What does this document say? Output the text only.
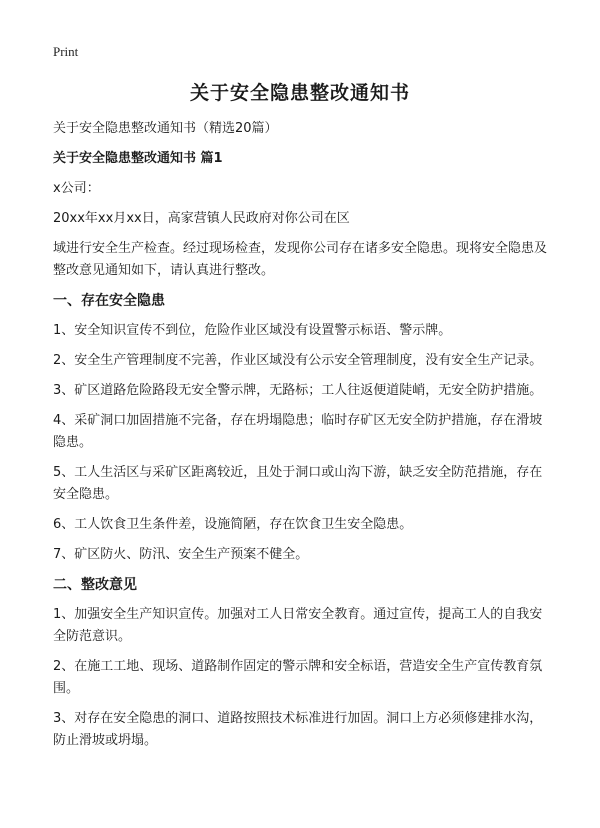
Print
关于安全隐患整改通知书

关于安全隐患整改通知书（精选20篇）

关于安全隐患整改通知书 篇1

x公司：

20xx年xx月xx日，高家营镇人民政府对你公司在区

域进行安全生产检查。经过现场检查，发现你公司存在诸多安全隐患。现将安全隐患及整改意见通知如下，请认真进行整改。

一、存在安全隐患

1、安全知识宣传不到位，危险作业区域没有设置警示标语、警示牌。

2、安全生产管理制度不完善，作业区域没有公示安全管理制度，没有安全生产记录。

3、矿区道路危险路段无安全警示牌，无路标；工人往返便道陡峭，无安全防护措施。

4、采矿洞口加固措施不完备，存在坍塌隐患；临时存矿区无安全防护措施，存在滑坡隐患。

5、工人生活区与采矿区距离较近，且处于洞口或山沟下游，缺乏安全防范措施，存在安全隐患。

6、工人饮食卫生条件差，设施简陋，存在饮食卫生安全隐患。

7、矿区防火、防汛、安全生产预案不健全。

二、整改意见

1、加强安全生产知识宣传。加强对工人日常安全教育。通过宣传，提高工人的自我安全防范意识。

2、在施工工地、现场、道路制作固定的警示牌和安全标语，营造安全生产宣传教育氛围。

3、对存在安全隐患的洞口、道路按照技术标准进行加固。洞口上方必须修建排水沟，防止滑坡或坍塌。
